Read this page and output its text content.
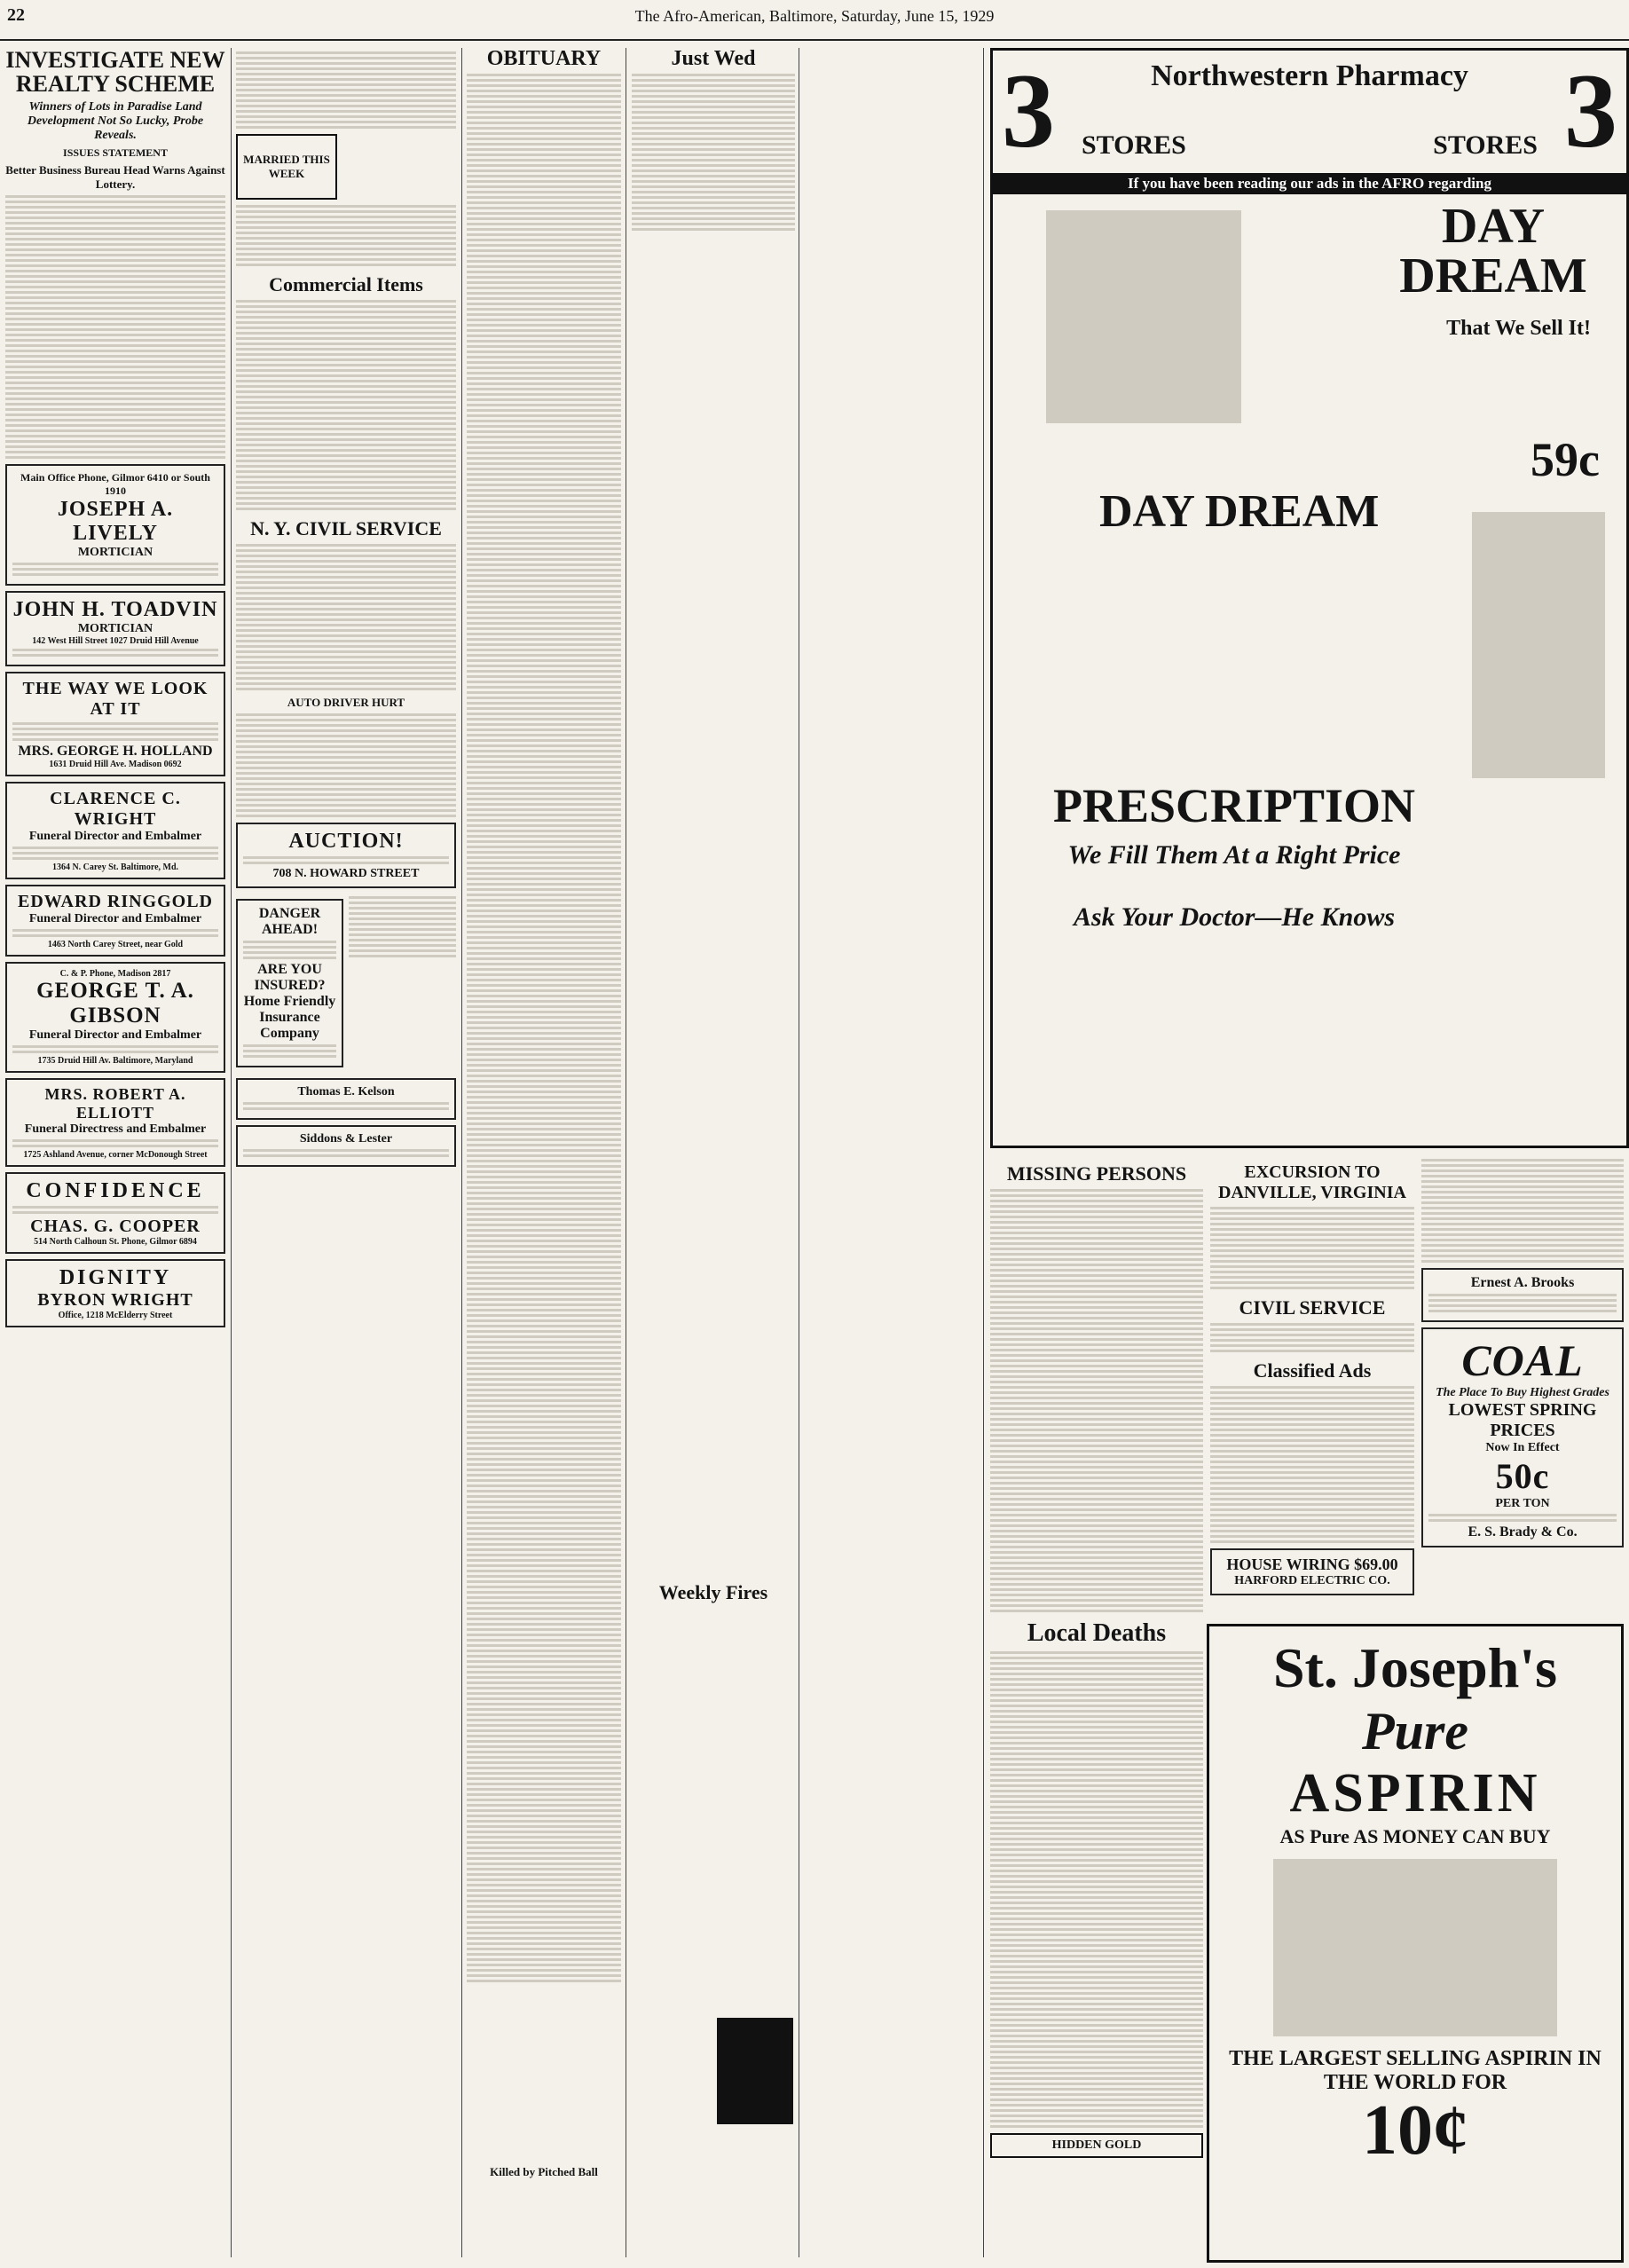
22	The Afro-American, Baltimore, Saturday, June 15, 1929
INVESTIGATE NEW REALTY SCHEME
Winners of Lots in Paradise Land Development Not So Lucky, Probe Reveals.
ISSUES STATEMENT
Better Business Bureau Head Warns Against Lottery.
Main Office Phone, Gilmor 6410 or South 1910
JOSEPH A. LIVELY
MORTICIAN
JOHN H. TOADVIN
MORTICIAN
142 West Hill Street 1027 Druid Hill Avenue
THE WAY WE LOOK AT IT
MRS. GEORGE H. HOLLAND
1631 Druid Hill Ave. Madison 0692
CLARENCE C. WRIGHT
Funeral Director and Embalmer
1364 N. Carey St. Baltimore, Md.
EDWARD RINGGOLD
Funeral Director and Embalmer
1463 North Carey Street, near Gold
C. & P. Phone, Madison 2817
GEORGE T. A. GIBSON
Funeral Director and Embalmer
1735 Druid Hill Av. Baltimore, Maryland
MRS. ROBERT A. ELLIOTT
Funeral Directress and Embalmer
1725 Ashland Avenue, corner McDonough Street
CONFIDENCE
CHAS. G. COOPER
514 North Calhoun St. Phone, Gilmor 6894
DIGNITY
BYRON WRIGHT
Office, 1218 McElderry Street
MARRIED THIS WEEK
Commercial Items
N. Y. CIVIL SERVICE
AUTO DRIVER HURT
AUCTION!
708 N. HOWARD STREET
DANGER AHEAD!
ARE YOU INSURED?
Home Friendly Insurance Company
Thomas E. Kelson
Siddons & Lester
OBITUARY
Killed by Pitched Ball
Just Wed
Weekly Fires
3	3
Northwestern Pharmacy
STORES	STORES
If you have been reading our ads in the AFRO regarding
DAY DREAM
That We Sell It!
59c
DAY DREAM
PRESCRIPTION
We Fill Them At a Right Price
Ask Your Doctor—He Knows
MISSING PERSONS
Local Deaths
HIDDEN GOLD
EXCURSION TO DANVILLE, VIRGINIA
CIVIL SERVICE
Classified Ads
HOUSE WIRING $69.00
HARFORD ELECTRIC CO.
Ernest A. Brooks
COAL
The Place To Buy Highest Grades
LOWEST SPRING PRICES
Now In Effect
50c
PER TON
E. S. Brady & Co.
St. Joseph's
Pure
ASPIRIN
AS Pure AS MONEY CAN BUY
THE LARGEST SELLING ASPIRIN IN THE WORLD FOR
10¢
